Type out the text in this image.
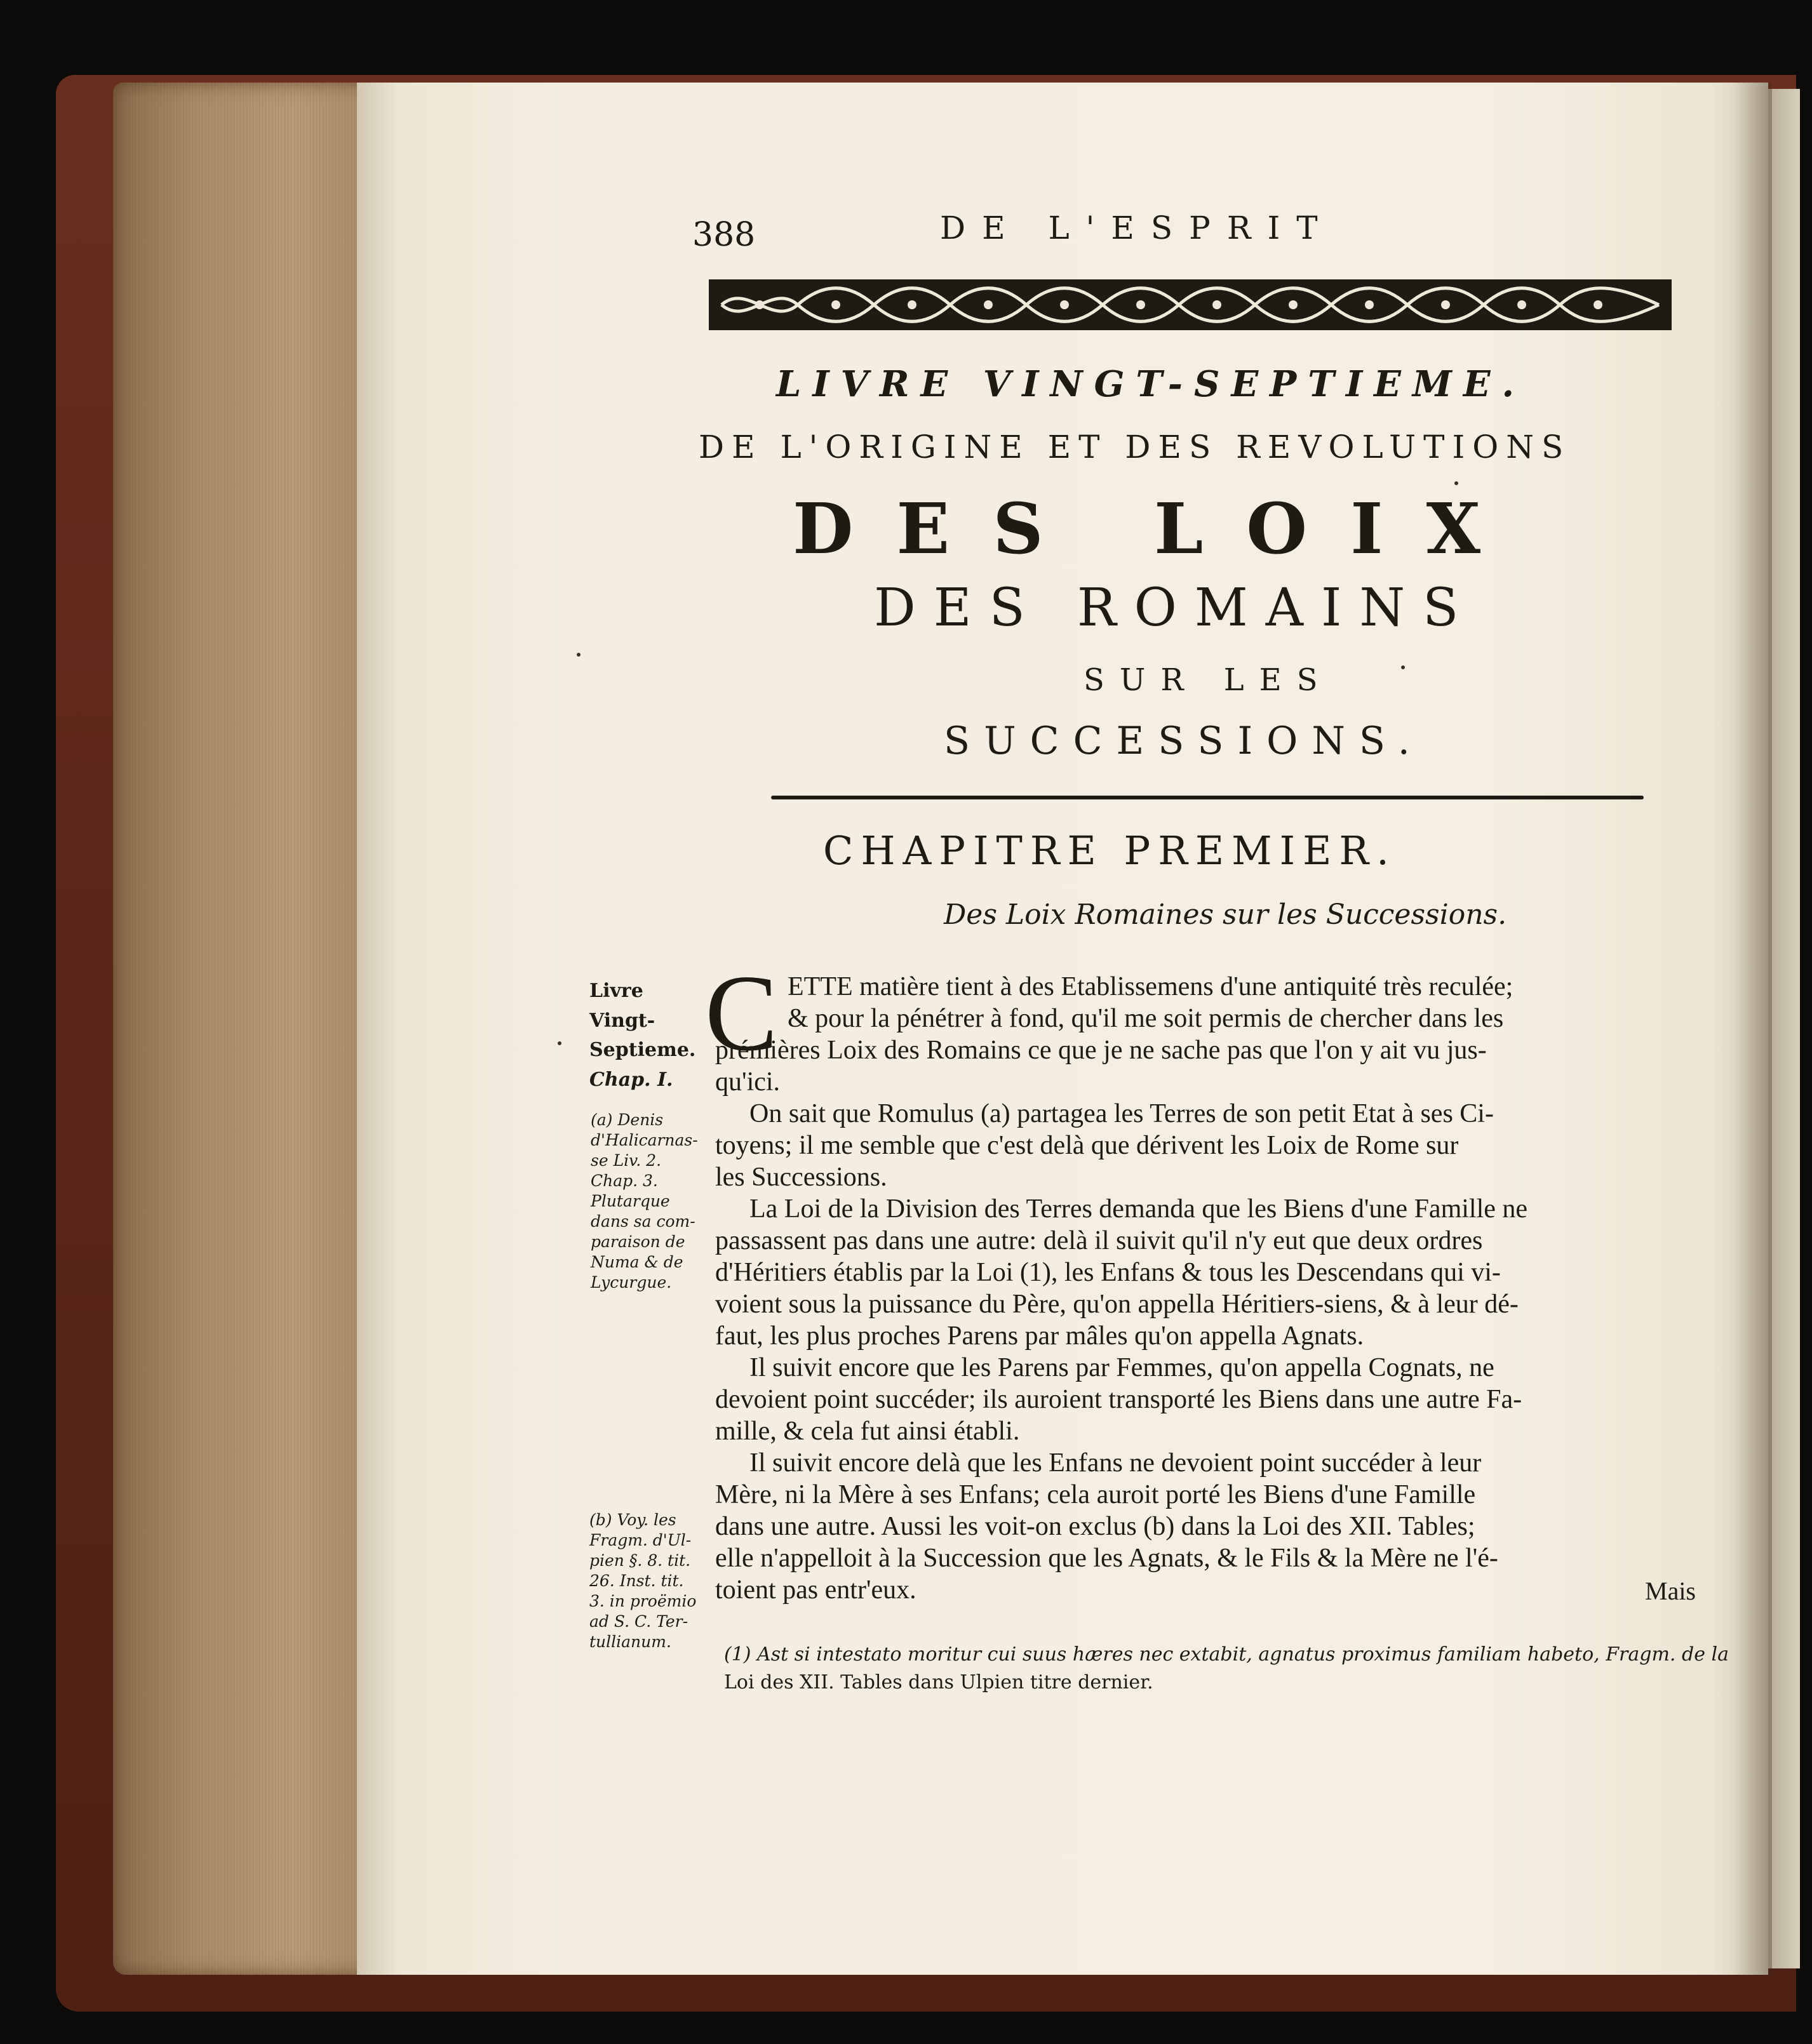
388	DE L'ESPRIT
LIVRE VINGT-SEPTIEME.
DE L'ORIGINE ET DES REVOLUTIONS
DES LOIX
DES ROMAINS
SUR LES
SUCCESSIONS.
CHAPITRE PREMIER.
Des Loix Romaines sur les Successions.
Livre
Vingt-
Septieme.
Chap. I.
(a) Denis
d'Halicarnas-
se Liv. 2.
Chap. 3.
Plutarque
dans sa com-
paraison de
Numa & de
Lycurgue.
(b) Voy. les
Fragm. d'Ul-
pien §. 8. tit.
26. Inst. tit.
3. in proëmio
ad S. C. Ter-
tullianum.
C ETTE matière tient à des Etablissemens d'une antiquité très reculée;
& pour la pénétrer à fond, qu'il me soit permis de chercher dans les
prémières Loix des Romains ce que je ne sache pas que l'on y ait vu jus-
qu'ici.
On sait que Romulus (a) partagea les Terres de son petit Etat à ses Ci-
toyens; il me semble que c'est delà que dérivent les Loix de Rome sur
les Successions.
La Loi de la Division des Terres demanda que les Biens d'une Famille ne
passassent pas dans une autre: delà il suivit qu'il n'y eut que deux ordres
d'Héritiers établis par la Loi (1), les Enfans & tous les Descendans qui vi-
voient sous la puissance du Père, qu'on appella Héritiers-siens, & à leur dé-
faut, les plus proches Parens par mâles qu'on appella Agnats.
Il suivit encore que les Parens par Femmes, qu'on appella Cognats, ne
devoient point succéder; ils auroient transporté les Biens dans une autre Fa-
mille, & cela fut ainsi établi.
Il suivit encore delà que les Enfans ne devoient point succéder à leur
Mère, ni la Mère à ses Enfans; cela auroit porté les Biens d'une Famille
dans une autre. Aussi les voit-on exclus (b) dans la Loi des XII. Tables;
elle n'appelloit à la Succession que les Agnats, & le Fils & la Mère ne l'é-
toient pas entr'eux.	Mais
(1) Ast si intestato moritur cui suus hæres nec extabit, agnatus proximus familiam habeto, Fragm. de la
Loi des XII. Tables dans Ulpien titre dernier.
